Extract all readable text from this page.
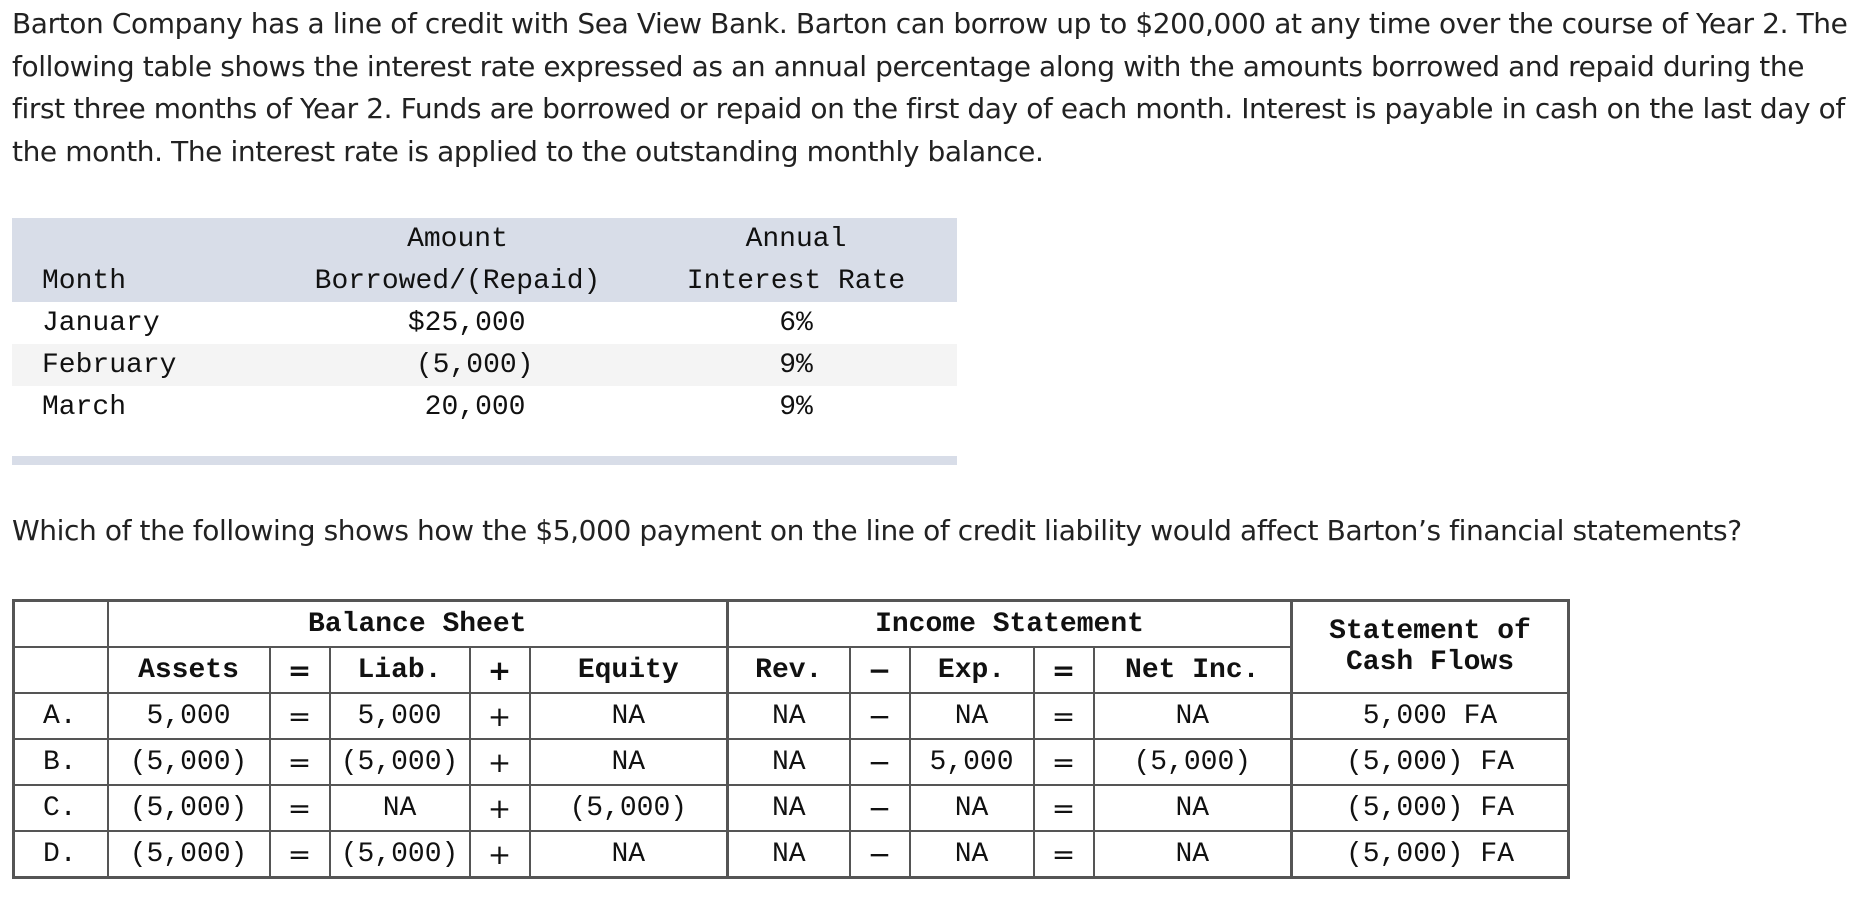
Barton Company has a line of credit with Sea View Bank. Barton can borrow up to $200,000 at any time over the course of Year 2. The following table shows the interest rate expressed as an annual percentage along with the amounts borrowed and repaid during the first three months of Year 2. Funds are borrowed or repaid on the first day of each month. Interest is payable in cash on the last day of the month. The interest rate is applied to the outstanding monthly balance.

	Amount	Annual
Month	Borrowed/(Repaid)	Interest Rate
January	$25,000	6%
February	(5,000)	9%
March	20,000	9%

Which of the following shows how the $5,000 payment on the line of credit liability would affect Barton’s financial statements?

	Balance Sheet					Income Statement					Statement of
Cash Flows
	Assets	=	Liab.	+	Equity	Rev.	−	Exp.	=	Net Inc.	
A.	5,000	=	5,000	+	NA	NA	−	NA	=	NA	5,000 FA
B.	(5,000)	=	(5,000)	+	NA	NA	−	5,000	=	(5,000)	(5,000) FA
C.	(5,000)	=	NA	+	(5,000)	NA	−	NA	=	NA	(5,000) FA
D.	(5,000)	=	(5,000)	+	NA	NA	−	NA	=	NA	(5,000) FA
